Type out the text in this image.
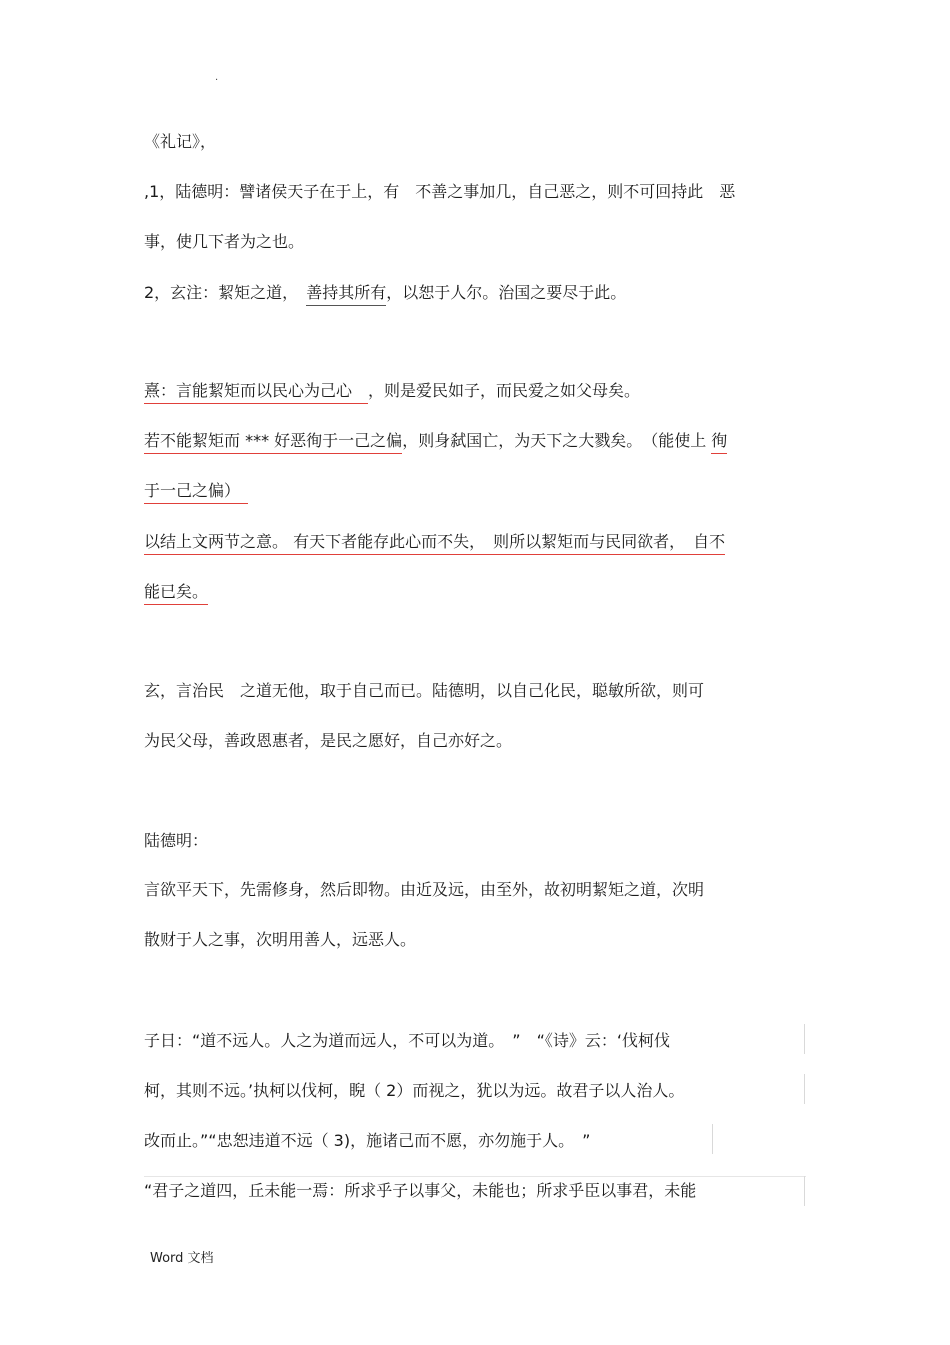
·
《礼记》，
,1，陆德明：譬诸侯天子在于上，有　不善之事加几，自己恶之，则不可回持此　恶
事，使几下者为之也。
2，玄注：絜矩之道，　善持其所有，以恕于人尔。治国之要尽于此。
熹：言能絜矩而以民心为己心　，则是爱民如子，而民爱之如父母矣。
若不能絜矩而 *** 好恶徇于一己之偏，则身弑国亡，为天下之大戮矣。　（能使上 徇
于一己之偏）　
以结上文两节之意。 有天下者能存此心而不失，　则所以絜矩而与民同欲者，　自不
能已矣。
玄，言治民　之道无他，取于自己而已。陆德明，以自己化民，聪敏所欲，则可
为民父母，善政恩惠者，是民之愿好，自己亦好之。
陆德明：
言欲平天下，先需修身，然后即物。由近及远，由至外，故初明絜矩之道，次明
散财于人之事，次明用善人，远恶人。
子日：“道不远人。人之为道而远人，不可以为道。　”　“《诗》云：‘伐柯伐
柯，其则不远。’执柯以伐柯，睨（ 2）而视之，犹以为远。故君子以人治人。
改而止。”“忠恕违道不远（ 3)，施诸己而不愿，亦勿施于人。　”
“君子之道四，丘未能一焉：所求乎子以事父，未能也；所求乎臣以事君，未能
Word 文档
